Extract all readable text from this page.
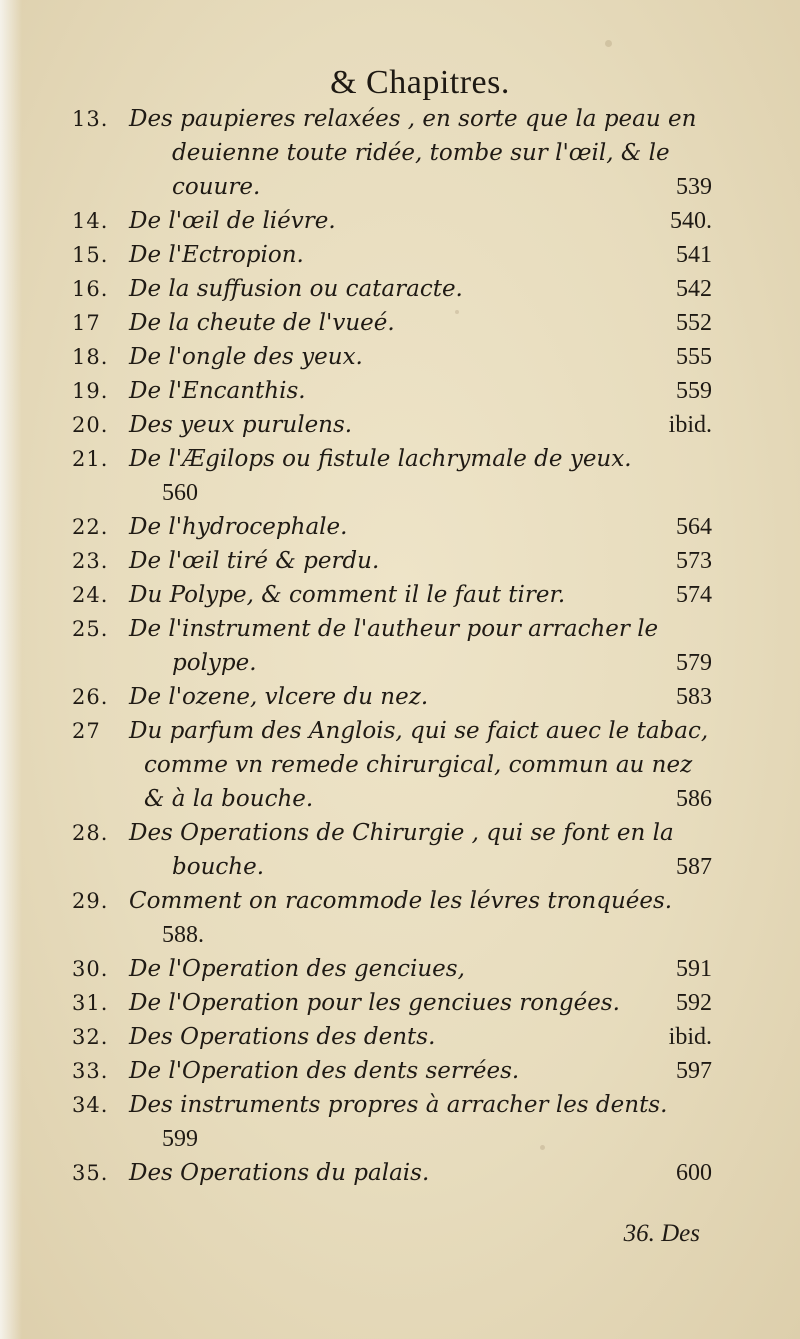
& Chapitres.
13. Des paupieres relaxées , en sorte que la peau en
deuienne toute ridée, tombe sur l'œil, & le
couure.	539
14. De l'œil de liévre.	540.
15. De l'Ectropion.	541
16. De la suffusion ou cataracte.	542
17 De la cheute de l'vueé.	552
18. De l'ongle des yeux.	555
19. De l'Encanthis.	559
20. Des yeux purulens.	ibid.
21. De l'Ægilops ou fistule lachrymale de yeux.
560
22. De l'hydrocephale.	564
23. De l'œil tiré & perdu.	573
24. Du Polype, & comment il le faut tirer.	574
25. De l'instrument de l'autheur pour arracher le
polype.	579
26. De l'ozene, vlcere du nez.	583
27 Du parfum des Anglois, qui se faict auec le tabac,
comme vn remede chirurgical, commun au nez
& à la bouche.	586
28. Des Operations de Chirurgie , qui se font en la
bouche.	587
29. Comment on racommode les lévres tronquées.
588.
30. De l'Operation des genciues,	591
31. De l'Operation pour les genciues rongées. 592
32. Des Operations des dents.	ibid.
33. De l'Operation des dents serrées.	597
34. Des instruments propres à arracher les dents.
599
35. Des Operations du palais.	600
36. Des
